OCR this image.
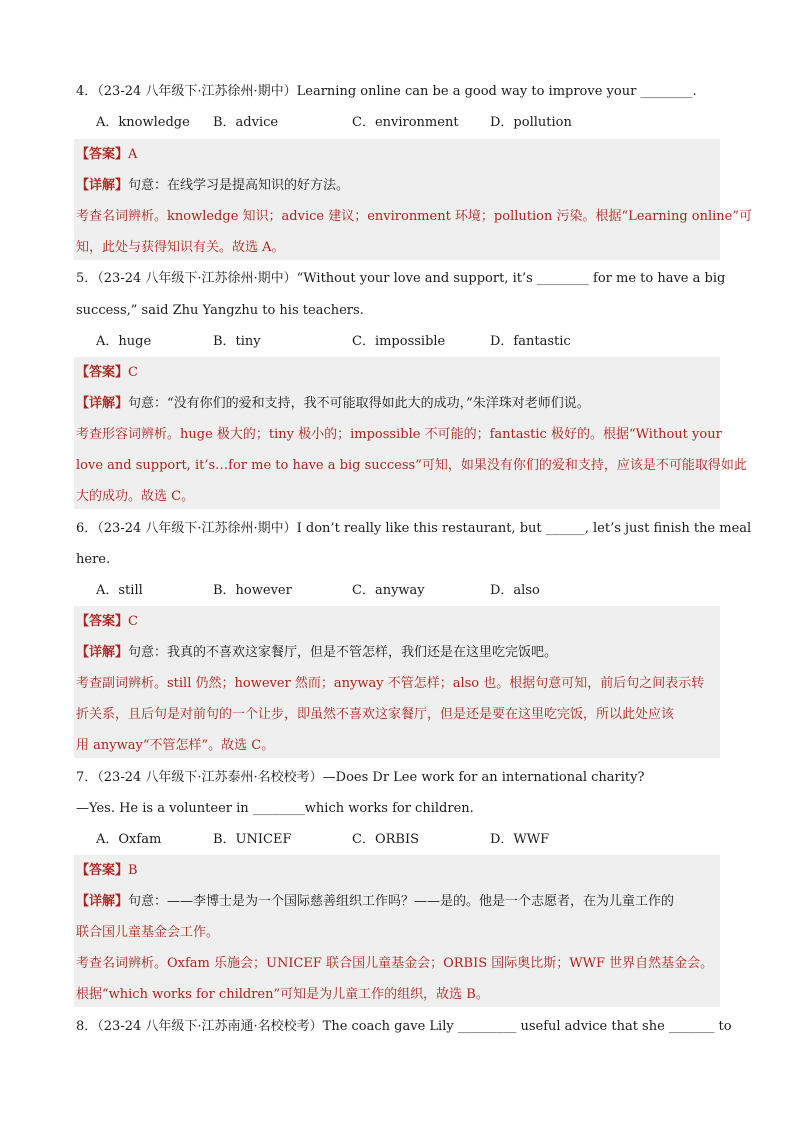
4．（23-24 八年级下·江苏徐州·期中）Learning online can be a good way to improve your ________.
A．knowledge B．advice	C．environment D．pollution
【答案】A
【详解】句意：在线学习是提高知识的好方法。
考查名词辨析。knowledge 知识；advice 建议；environment 环境；pollution 污染。根据“Learning online”可
知，此处与获得知识有关。故选 A。
5．（23-24 八年级下·江苏徐州·期中）“Without your love and support, it’s ________ for me to have a big
success,” said Zhu Yangzhu to his teachers.
A．huge	B．tiny	C．impossible	D．fantastic
【答案】C
【详解】句意：“没有你们的爱和支持，我不可能取得如此大的成功，”朱洋珠对老师们说。
考查形容词辨析。huge 极大的；tiny 极小的；impossible 不可能的；fantastic 极好的。根据“Without your
love and support, it’s…for me to have a big success”可知，如果没有你们的爱和支持，应该是不可能取得如此
大的成功。故选 C。
6．（23-24 八年级下·江苏徐州·期中）I don’t really like this restaurant, but ______, let’s just finish the meal
here.
A．still	B．however	C．anyway	D．also
【答案】C
【详解】句意：我真的不喜欢这家餐厅，但是不管怎样，我们还是在这里吃完饭吧。
考查副词辨析。still 仍然；however 然而；anyway 不管怎样；also 也。根据句意可知，前后句之间表示转
折关系，且后句是对前句的一个让步，即虽然不喜欢这家餐厅，但是还是要在这里吃完饭，所以此处应该
用 anyway“不管怎样”。故选 C。
7．（23-24 八年级下·江苏泰州·名校校考）—Does Dr Lee work for an international charity?
—Yes. He is a volunteer in ________which works for children.
A．Oxfam	B．UNICEF	C．ORBIS	D．WWF
【答案】B
【详解】句意：——李博士是为一个国际慈善组织工作吗？——是的。他是一个志愿者，在为儿童工作的
联合国儿童基金会工作。
考查名词辨析。Oxfam 乐施会；UNICEF 联合国儿童基金会；ORBIS 国际奥比斯；WWF 世界自然基金会。
根据“which works for children”可知是为儿童工作的组织，故选 B。
8．（23-24 八年级下·江苏南通·名校校考）The coach gave Lily _________ useful advice that she _______ to
